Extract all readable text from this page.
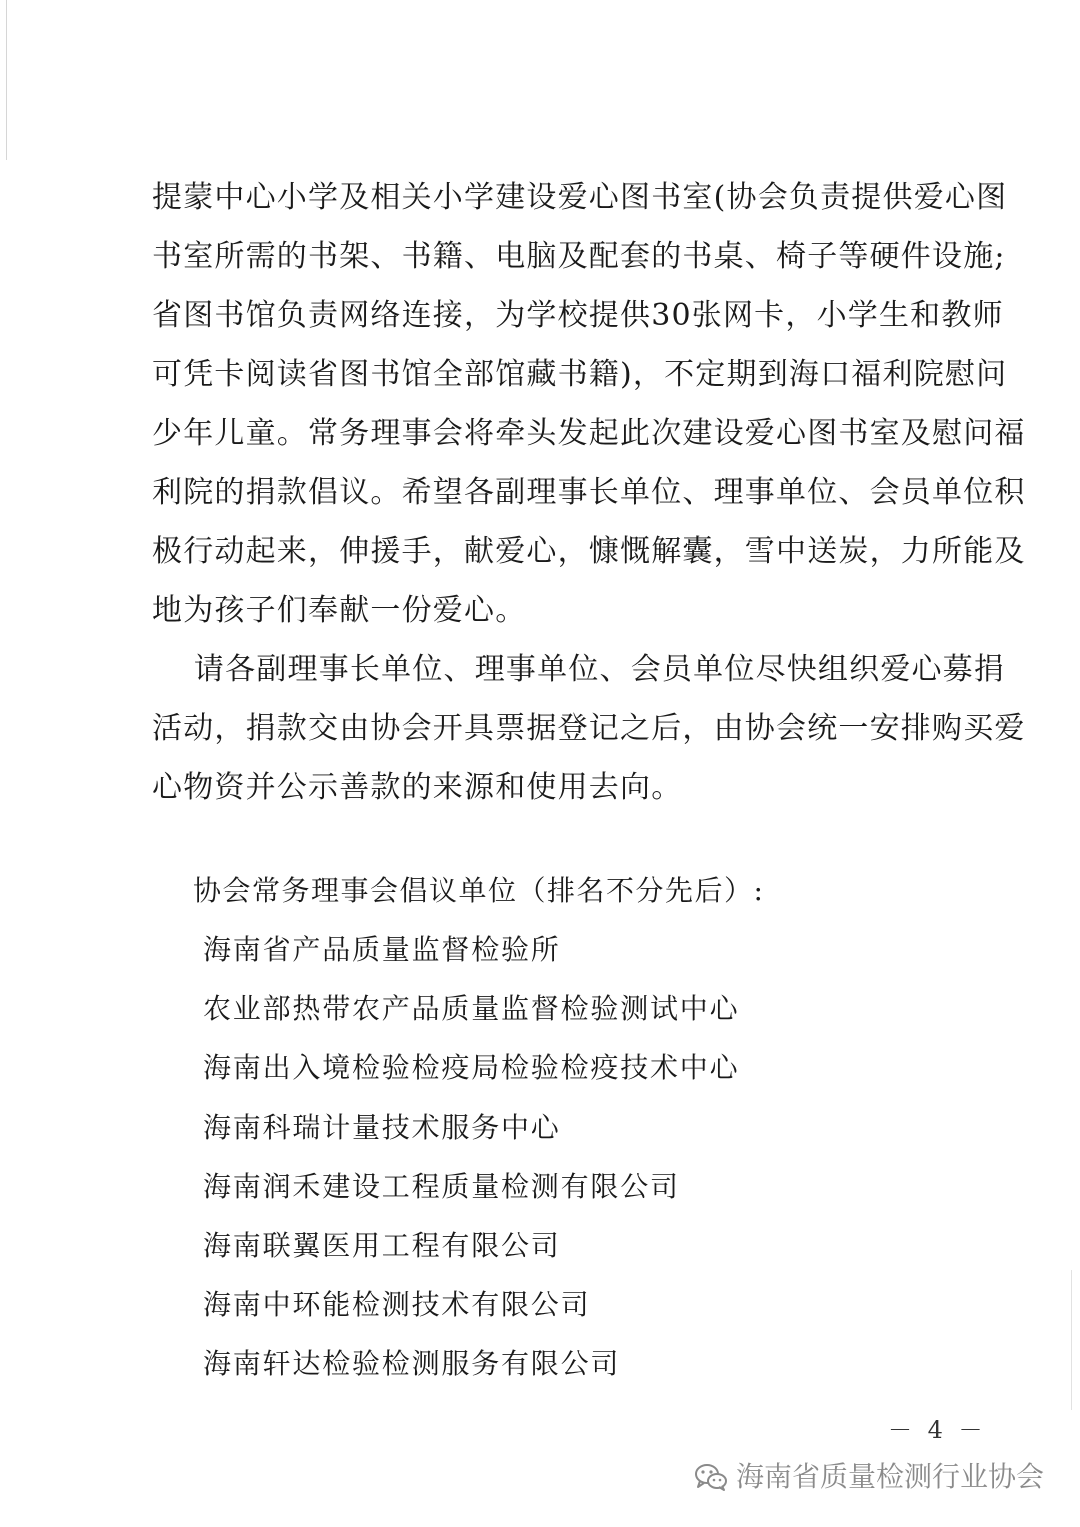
提蒙中心小学及相关小学建设爱心图书室(协会负责提供爱心图
书室所需的书架、书籍、电脑及配套的书桌、椅子等硬件设施;
省图书馆负责网络连接，为学校提供30张网卡，小学生和教师
可凭卡阅读省图书馆全部馆藏书籍)，不定期到海口福利院慰问
少年儿童。常务理事会将牵头发起此次建设爱心图书室及慰问福
利院的捐款倡议。希望各副理事长单位、理事单位、会员单位积
极行动起来，伸援手，献爱心，慷慨解囊，雪中送炭，力所能及
地为孩子们奉献一份爱心。
　 请各副理事长单位、理事单位、会员单位尽快组织爱心募捐
活动，捐款交由协会开具票据登记之后，由协会统一安排购买爱
心物资并公示善款的来源和使用去向。
协会常务理事会倡议单位（排名不分先后）:
海南省产品质量监督检验所
农业部热带农产品质量监督检验测试中心
海南出入境检验检疫局检验检疫技术中心
海南科瑞计量技术服务中心
海南润禾建设工程质量检测有限公司
海南联翼医用工程有限公司
海南中环能检测技术有限公司
海南轩达检验检测服务有限公司
－ 4 －
海南省质量检测行业协会
